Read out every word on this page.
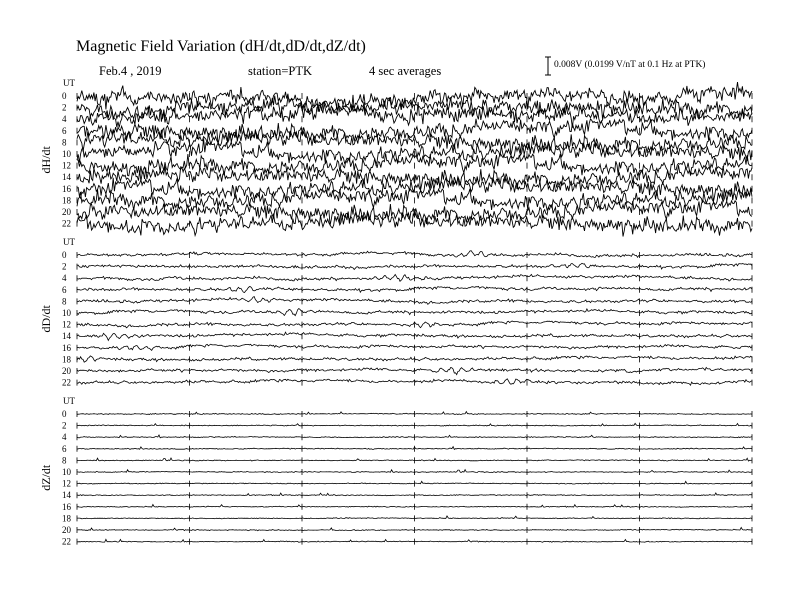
Magnetic Field Variation (dH/dt,dD/dt,dZ/dt)
Feb.4 , 2019	station=PTK	4 sec averages	0.008V (0.0199 V/nT at 0.1 Hz at PTK)
UT
dH/dt
0
2
4
6
8
10
12
14
16
18
20
22
UT
dD/dt
0
2
4
6
8
10
12
14
16
18
20
22
UT
dZ/dt
0
2
4
6
8
10
12
14
16
18
20
22
